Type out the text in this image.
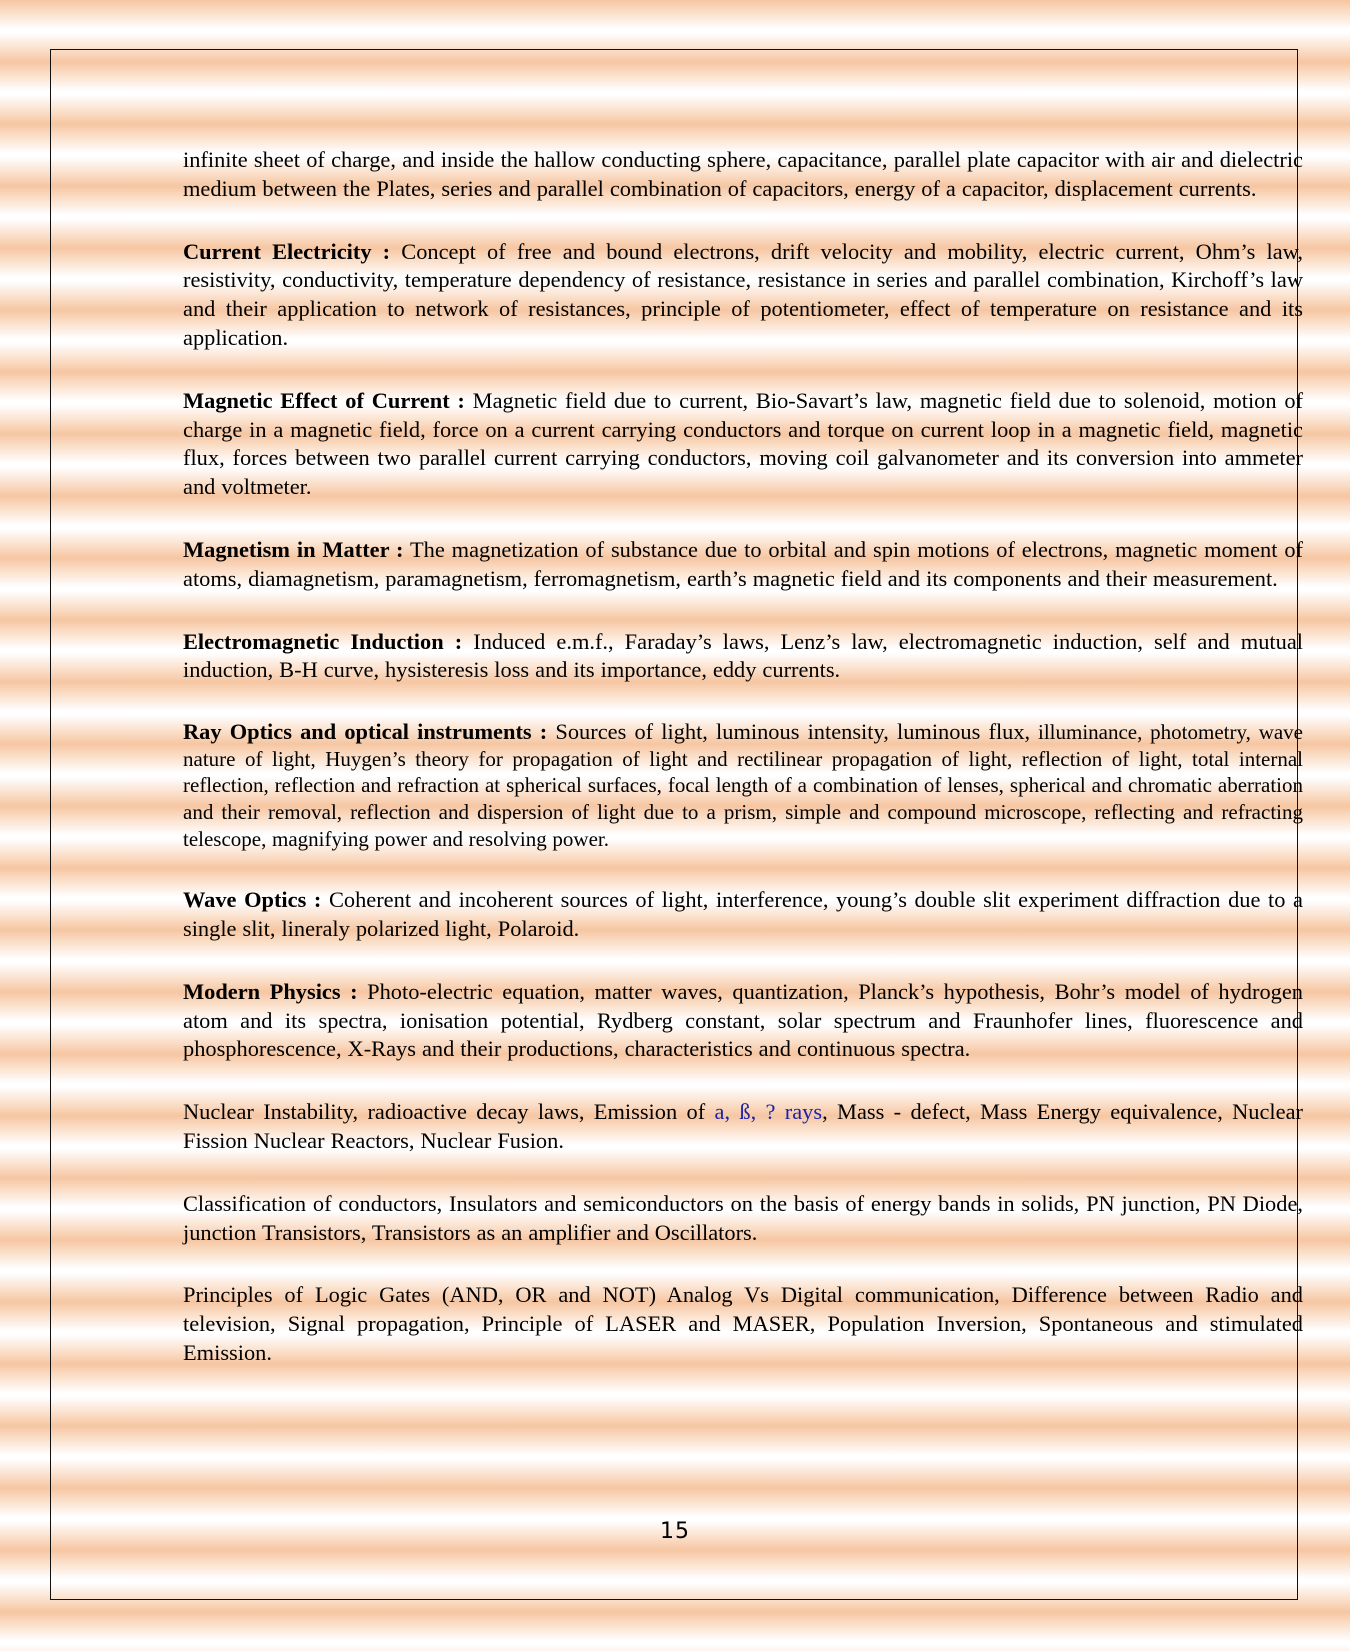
infinite sheet of charge, and inside the hallow conducting sphere, capacitance, parallel plate capacitor with air and dielectric medium between the Plates, series and parallel combination of capacitors, energy of a capacitor, displacement currents.

Current Electricity : Concept of free and bound electrons, drift velocity and mobility, electric current, Ohm’s law, resistivity, conductivity, temperature dependency of resistance, resistance in series and parallel combination, Kirchoff’s law and their application to network of resistances, principle of potentiometer, effect of temperature on resistance and its application.

Magnetic Effect of Current : Magnetic field due to current, Bio-Savart’s law, magnetic field due to solenoid, motion of charge in a magnetic field, force on a current carrying conductors and torque on current loop in a magnetic field, magnetic flux, forces between two parallel current carrying conductors, moving coil galvanometer and its conversion into ammeter and voltmeter.

Magnetism in Matter : The magnetization of substance due to orbital and spin motions of electrons, magnetic moment of atoms, diamagnetism, paramagnetism, ferromagnetism, earth’s magnetic field and its components and their measurement.

Electromagnetic Induction : Induced e.m.f., Faraday’s laws, Lenz’s law, electromagnetic induction, self and mutual induction, B-H curve, hysisteresis loss and its importance, eddy currents.

Ray Optics and optical instruments : Sources of light, luminous intensity, luminous flux, illuminance, photometry, wave nature of light, Huygen’s theory for propagation of light and rectilinear propagation of light, reflection of light, total internal reflection, reflection and refraction at spherical surfaces, focal length of a combination of lenses, spherical and chromatic aberration and their removal, reflection and dispersion of light due to a prism, simple and compound microscope, reflecting and refracting telescope, magnifying power and resolving power.

Wave Optics : Coherent and incoherent sources of light, interference, young’s double slit experiment diffraction due to a single slit, lineraly polarized light, Polaroid.

Modern Physics : Photo-electric equation, matter waves, quantization, Planck’s hypothesis, Bohr’s model of hydrogen atom and its spectra, ionisation potential, Rydberg constant, solar spectrum and Fraunhofer lines, fluorescence and phosphorescence, X-Rays and their productions, characteristics and continuous spectra.

Nuclear Instability, radioactive decay laws, Emission of a, ß, ? rays, Mass - defect, Mass Energy equivalence, Nuclear Fission Nuclear Reactors, Nuclear Fusion.

Classification of conductors, Insulators and semiconductors on the basis of energy bands in solids, PN junction, PN Diode, junction Transistors, Transistors as an amplifier and Oscillators.

Principles of Logic Gates (AND, OR and NOT) Analog Vs Digital communication, Difference between Radio and television, Signal propagation, Principle of LASER and MASER, Population Inversion, Spontaneous and stimulated Emission.

15
